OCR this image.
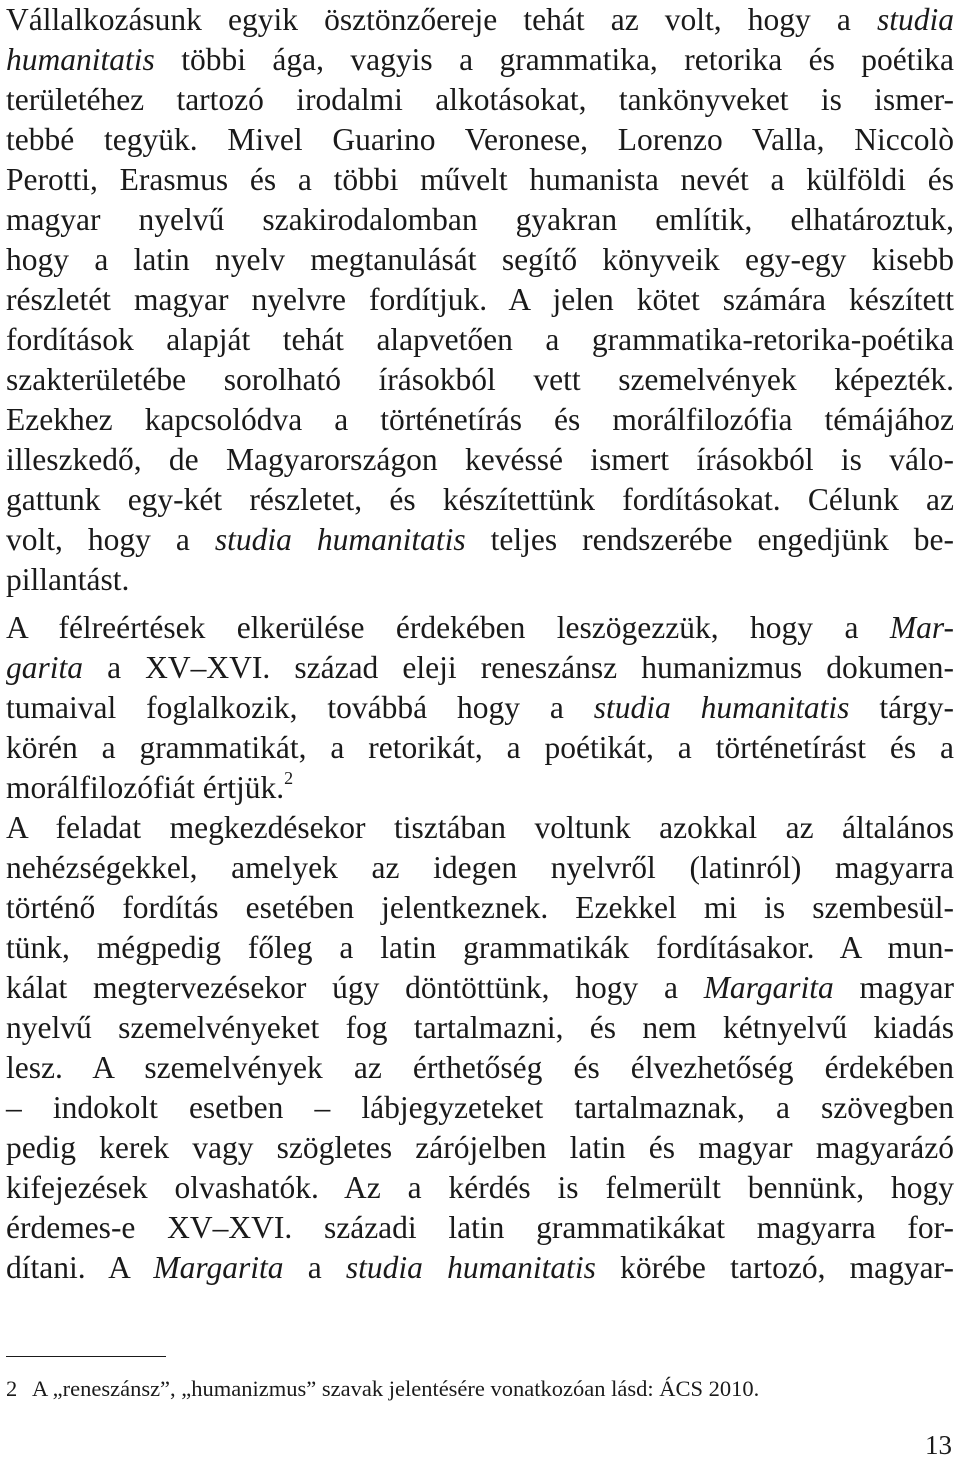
Vállalkozásunk egyik ösztönzőereje tehát az volt, hogy a studia
humanitatis többi ága, vagyis a grammatika, retorika és poétika
területéhez tartozó irodalmi alkotásokat, tankönyveket is ismer-
tebbé tegyük. Mivel Guarino Veronese, Lorenzo Valla, Niccolò
Perotti, Erasmus és a többi művelt humanista nevét a külföldi és
magyar nyelvű szakirodalomban gyakran említik, elhatároztuk,
hogy a latin nyelv megtanulását segítő könyveik egy-egy kisebb
részletét magyar nyelvre fordítjuk. A jelen kötet számára készített
fordítások alapját tehát alapvetően a grammatika-retorika-poétika
szakterületébe sorolható írásokból vett szemelvények képezték.
Ezekhez kapcsolódva a történetírás és morálfilozófia témájához
illeszkedő, de Magyarországon kevéssé ismert írásokból is válo-
gattunk egy-két részletet, és készítettünk fordításokat. Célunk az
volt, hogy a studia humanitatis teljes rendszerébe engedjünk be-
pillantást.
A félreértések elkerülése érdekében leszögezzük, hogy a Mar-
garita a XV–XVI. század eleji reneszánsz humanizmus dokumen-
tumaival foglalkozik, továbbá hogy a studia humanitatis tárgy-
körén a grammatikát, a retorikát, a poétikát, a történetírást és a
morálfilozófiát értjük.$^2$
A feladat megkezdésekor tisztában voltunk azokkal az általános
nehézségekkel, amelyek az idegen nyelvről (latinról) magyarra
történő fordítás esetében jelentkeznek. Ezekkel mi is szembesül-
tünk, mégpedig főleg a latin grammatikák fordításakor. A mun-
kálat megtervezésekor úgy döntöttünk, hogy a Margarita magyar
nyelvű szemelvényeket fog tartalmazni, és nem kétnyelvű kiadás
lesz. A szemelvények az érthetőség és élvezhetőség érdekében
– indokolt esetben – lábjegyzeteket tartalmaznak, a szövegben
pedig kerek vagy szögletes zárójelben latin és magyar magyarázó
kifejezések olvashatók. Az a kérdés is felmerült bennünk, hogy
érdemes-e XV–XVI. századi latin grammatikákat magyarra for-
dítani. A Margarita a studia humanitatis körébe tartozó, magyar-
2 A „reneszánsz”, „humanizmus” szavak jelentésére vonatkozóan lásd: ÁCS 2010.
13
